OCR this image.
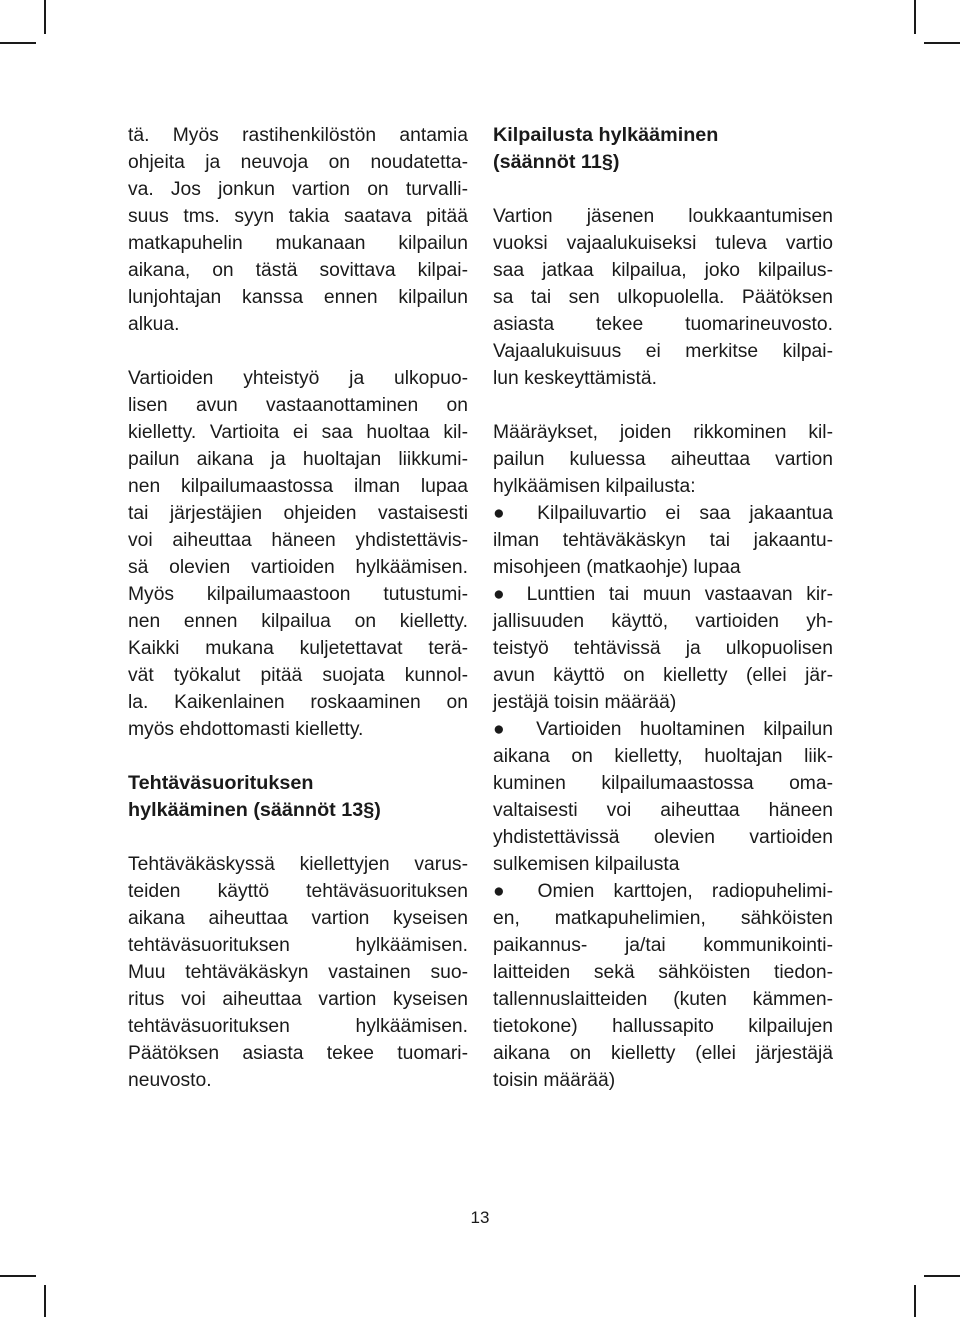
tä. Myös rastihenkilöstön antamia
ohjeita ja neuvoja on noudatetta-
va. Jos jonkun vartion on turvalli-
suus tms. syyn takia saatava pitää
matkapuhelin mukanaan kilpailun
aikana, on tästä sovittava kilpai-
lunjohtajan kanssa ennen kilpailun
alkua.
Vartioiden yhteistyö ja ulkopuo-
lisen avun vastaanottaminen on
kielletty. Vartioita ei saa huoltaa kil-
pailun aikana ja huoltajan liikkumi-
nen kilpailumaastossa ilman lupaa
tai järjestäjien ohjeiden vastaisesti
voi aiheuttaa häneen yhdistettävis-
sä olevien vartioiden hylkäämisen.
Myös kilpailumaastoon tutustumi-
nen ennen kilpailua on kielletty.
Kaikki mukana kuljetettavat terä-
vät työkalut pitää suojata kunnol-
la. Kaikenlainen roskaaminen on
myös ehdottomasti kielletty.
Tehtäväsuorituksen
hylkääminen (säännöt 13§)
Tehtäväkäskyssä kiellettyjen varus-
teiden käyttö tehtäväsuorituksen
aikana aiheuttaa vartion kyseisen
tehtäväsuorituksen hylkäämisen.
Muu tehtäväkäskyn vastainen suo-
ritus voi aiheuttaa vartion kyseisen
tehtäväsuorituksen hylkäämisen.
Päätöksen asiasta tekee tuomari-
neuvosto.
Kilpailusta hylkääminen
(säännöt 11§)
Vartion jäsenen loukkaantumisen
vuoksi vajaalukuiseksi tuleva vartio
saa jatkaa kilpailua, joko kilpailus-
sa tai sen ulkopuolella. Päätöksen
asiasta tekee tuomarineuvosto.
Vajaalukuisuus ei merkitse kilpai-
lun keskeyttämistä.
Määräykset, joiden rikkominen kil-
pailun kuluessa aiheuttaa vartion
hylkäämisen kilpailusta:
● Kilpailuvartio ei saa jakaantua
ilman tehtäväkäskyn tai jakaantu-
misohjeen (matkaohje) lupaa
● Lunttien tai muun vastaavan kir-
jallisuuden käyttö, vartioiden yh-
teistyö tehtävissä ja ulkopuolisen
avun käyttö on kielletty (ellei jär-
jestäjä toisin määrää)
● Vartioiden huoltaminen kilpailun
aikana on kielletty, huoltajan liik-
kuminen kilpailumaastossa oma-
valtaisesti voi aiheuttaa häneen
yhdistettävissä olevien vartioiden
sulkemisen kilpailusta
● Omien karttojen, radiopuhelimi-
en, matkapuhelimien, sähköisten
paikannus- ja/tai kommunikointi-
laitteiden sekä sähköisten tiedon-
tallennuslaitteiden (kuten kämmen-
tietokone) hallussapito kilpailujen
aikana on kielletty (ellei järjestäjä
toisin määrää)
13
